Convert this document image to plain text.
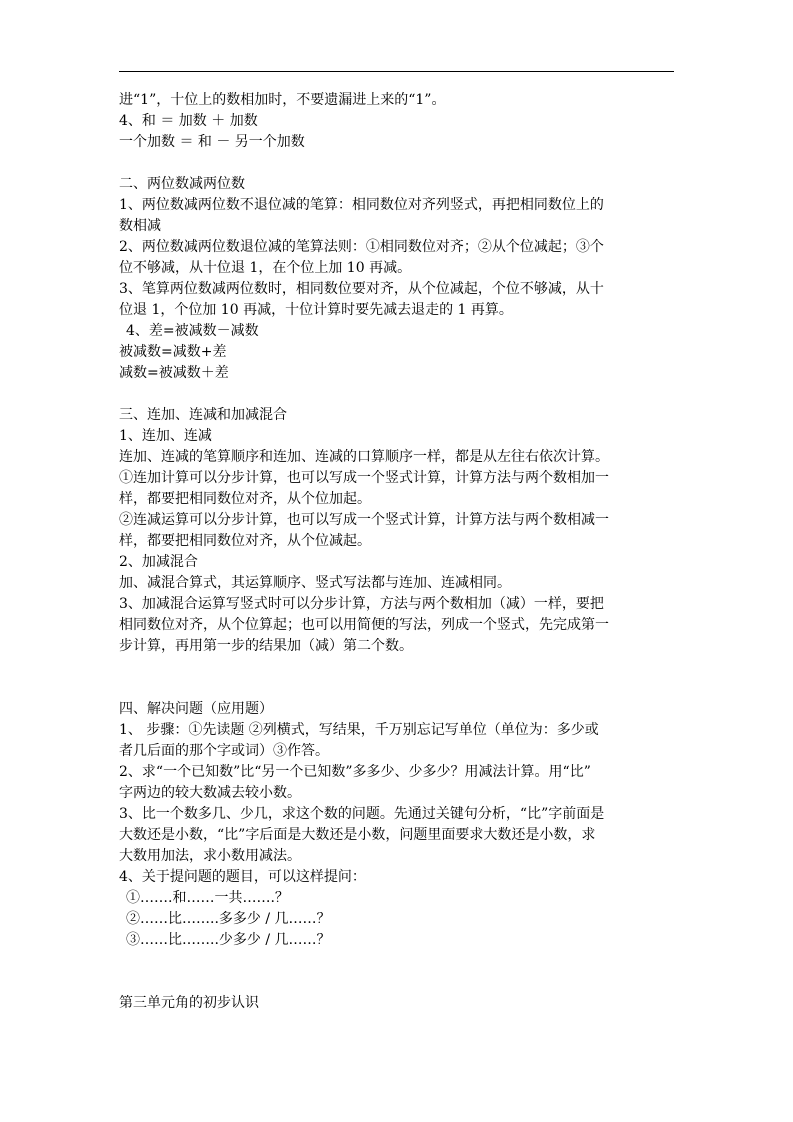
进“1”，十位上的数相加时，不要遗漏进上来的“1”。
4、和 ＝ 加数 ＋ 加数
一个加数 ＝ 和 － 另一个加数
二、两位数减两位数
1、两位数减两位数不退位减的笔算：相同数位对齐列竖式，再把相同数位上的
数相减
2、两位数减两位数退位减的笔算法则：①相同数位对齐；②从个位减起；③个
位不够减，从十位退 1，在个位上加 10 再减。
3、笔算两位数减两位数时，相同数位要对齐，从个位减起，个位不够减，从十
位退 1，个位加 10 再减，十位计算时要先减去退走的 1 再算。
4、差=被减数－减数
被减数=减数+差
减数=被减数＋差
三、连加、连减和加减混合
1、连加、连减
连加、连减的笔算顺序和连加、连减的口算顺序一样，都是从左往右依次计算。
①连加计算可以分步计算，也可以写成一个竖式计算，计算方法与两个数相加一
样，都要把相同数位对齐，从个位加起。
②连减运算可以分步计算，也可以写成一个竖式计算，计算方法与两个数相减一
样，都要把相同数位对齐，从个位减起。
2、加减混合
加、减混合算式，其运算顺序、竖式写法都与连加、连减相同。
3、加减混合运算写竖式时可以分步计算，方法与两个数相加（减）一样，要把
相同数位对齐，从个位算起；也可以用简便的写法，列成一个竖式，先完成第一
步计算，再用第一步的结果加（减）第二个数。
四、解决问题（应用题）
1、 步骤：①先读题 ②列横式，写结果，千万别忘记写单位（单位为：多少或
者几后面的那个字或词）③作答。
2、求“一个已知数”比“另一个已知数”多多少、少多少？用减法计算。用“比”
字两边的较大数减去较小数。
3、比一个数多几、少几，求这个数的问题。先通过关键句分析，“比”字前面是
大数还是小数，“比”字后面是大数还是小数，问题里面要求大数还是小数，求
大数用加法，求小数用减法。
4、关于提问题的题目，可以这样提问：
①…….和……一共…….？
②……比……..多多少 / 几……？
③……比……..少多少 / 几……？
第三单元角的初步认识
